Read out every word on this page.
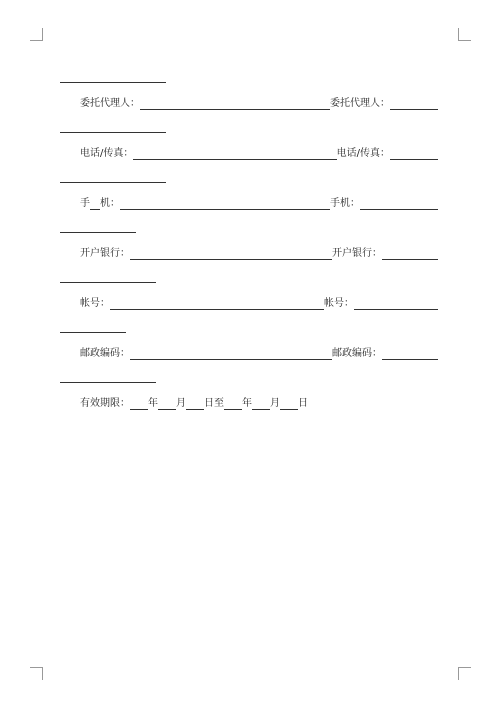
委托代理人：	委托代理人：
电话/传真：	电话/传真：
手 机：	手机：
开户银行：	开户银行：
帐号：	帐号：
邮政编码：	邮政编码：
有效期限： 年 月 日至 年 月 日
